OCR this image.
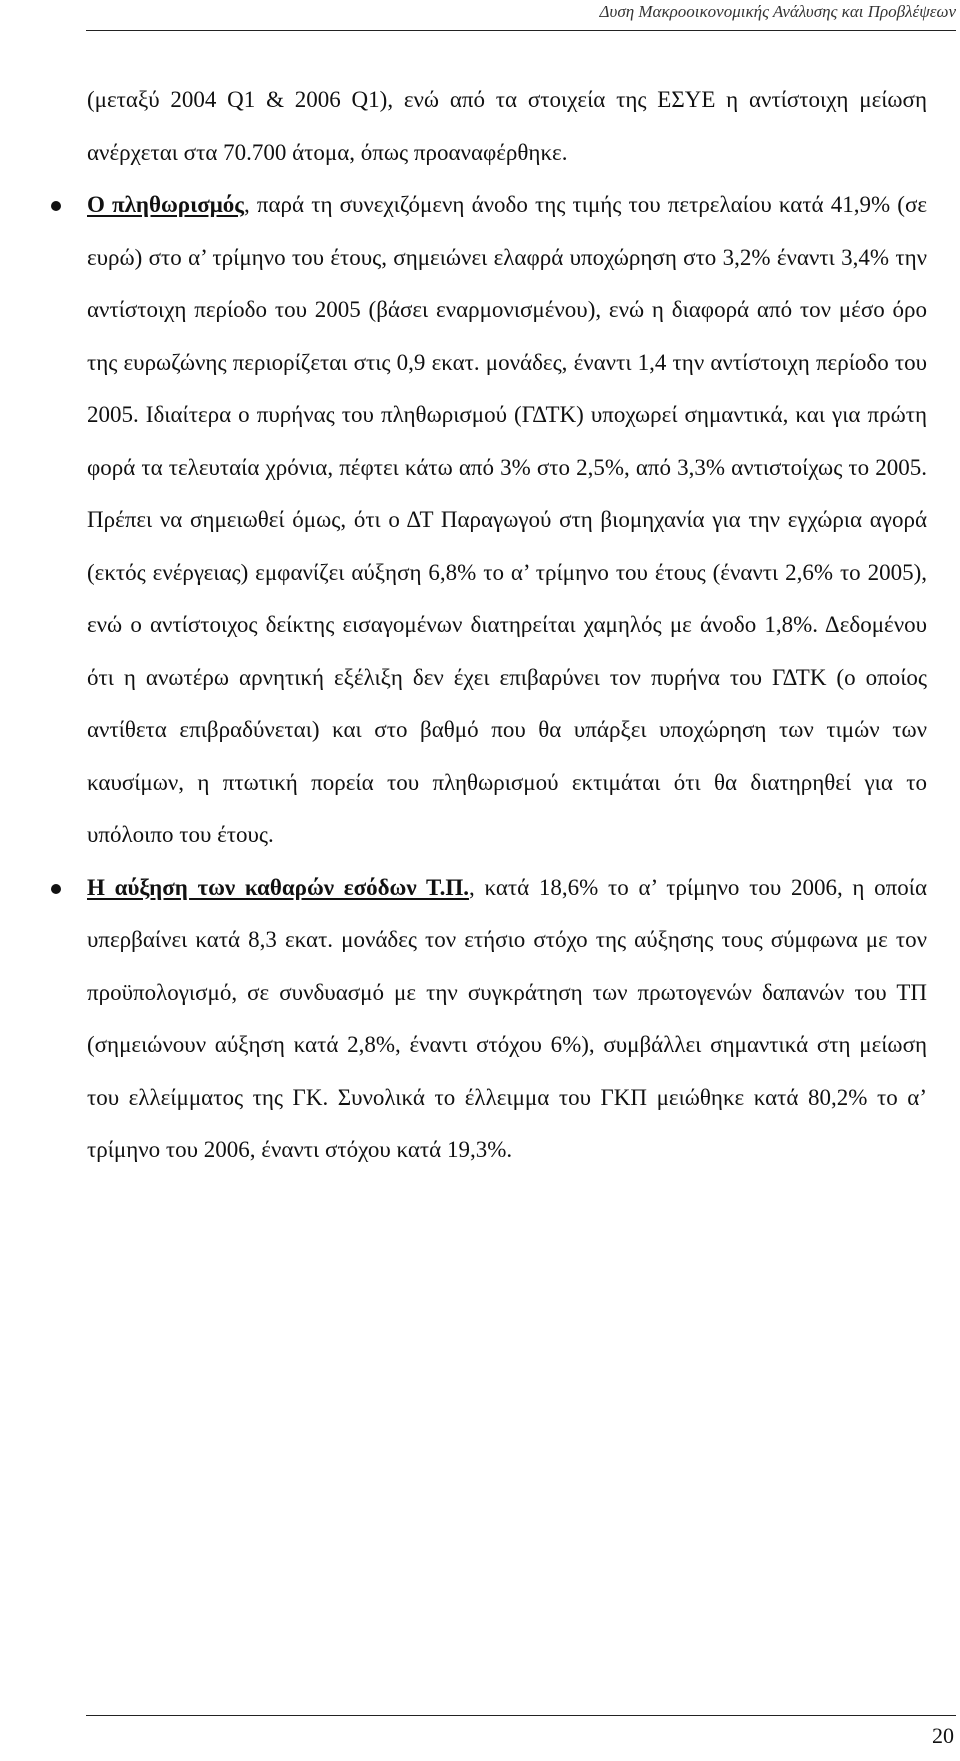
Δυση Μακροοικονομικής Ανάλυσης και Προβλέψεων

(μεταξύ 2004 Q1 & 2006 Q1), ενώ από τα στοιχεία της ΕΣΥΕ η αντίστοιχη μείωση ανέρχεται στα 70.700 άτομα, όπως προαναφέρθηκε.

Ο πληθωρισμός, παρά τη συνεχιζόμενη άνοδο της τιμής του πετρελαίου κατά 41,9% (σε ευρώ) στο α’ τρίμηνο του έτους, σημειώνει ελαφρά υποχώρηση στο 3,2% έναντι 3,4% την αντίστοιχη περίοδο του 2005 (βάσει εναρμονισμένου), ενώ η διαφορά από τον μέσο όρο της ευρωζώνης περιορίζεται στις 0,9 εκατ. μονάδες, έναντι 1,4 την αντίστοιχη περίοδο του 2005. Ιδιαίτερα ο πυρήνας του πληθωρισμού (ΓΔΤΚ) υποχωρεί σημαντικά, και για πρώτη φορά τα τελευταία χρόνια, πέφτει κάτω από 3% στο 2,5%, από 3,3% αντιστοίχως το 2005. Πρέπει να σημειωθεί όμως, ότι ο ΔΤ Παραγωγού στη βιομηχανία για την εγχώρια αγορά (εκτός ενέργειας) εμφανίζει αύξηση 6,8% το α’ τρίμηνο του έτους (έναντι 2,6% το 2005), ενώ ο αντίστοιχος δείκτης εισαγομένων διατηρείται χαμηλός με άνοδο 1,8%. Δεδομένου ότι η ανωτέρω αρνητική εξέλιξη δεν έχει επιβαρύνει τον πυρήνα του ΓΔΤΚ (ο οποίος αντίθετα επιβραδύνεται) και στο βαθμό που θα υπάρξει υποχώρηση των τιμών των καυσίμων, η πτωτική πορεία του πληθωρισμού εκτιμάται ότι θα διατηρηθεί για το υπόλοιπο του έτους.

Η αύξηση των καθαρών εσόδων Τ.Π., κατά 18,6% το α’ τρίμηνο του 2006, η οποία υπερβαίνει κατά 8,3 εκατ. μονάδες τον ετήσιο στόχο της αύξησης τους σύμφωνα με τον προϋπολογισμό, σε συνδυασμό με την συγκράτηση των πρωτογενών δαπανών του ΤΠ (σημειώνουν αύξηση κατά 2,8%, έναντι στόχου 6%), συμβάλλει σημαντικά στη μείωση του ελλείμματος της ΓΚ. Συνολικά το έλλειμμα του ΓΚΠ μειώθηκε κατά 80,2% το α’ τρίμηνο του 2006, έναντι στόχου κατά 19,3%.

20
